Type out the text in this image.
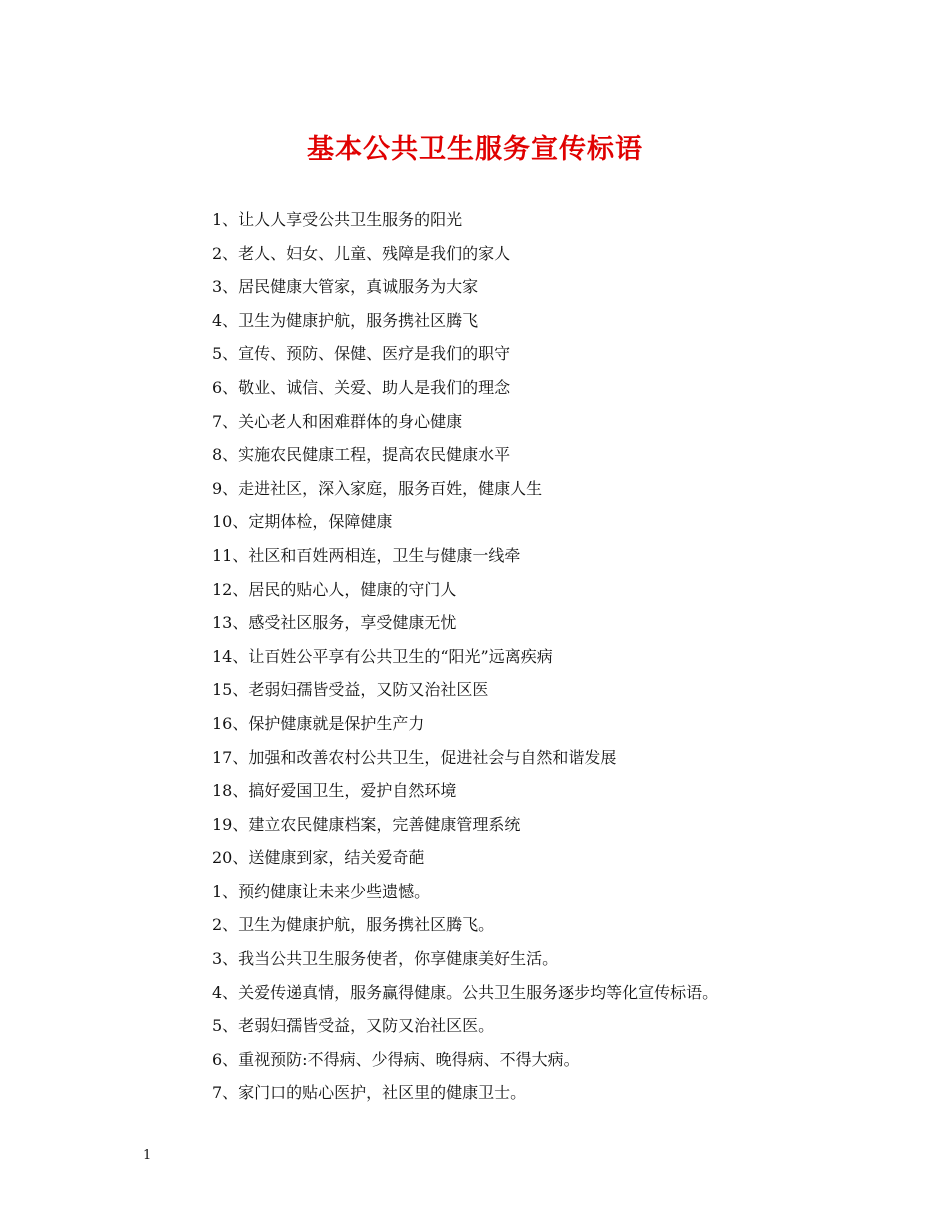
基本公共卫生服务宣传标语
1、让人人享受公共卫生服务的阳光
2、老人、妇女、儿童、残障是我们的家人
3、居民健康大管家，真诚服务为大家
4、卫生为健康护航，服务携社区腾飞
5、宣传、预防、保健、医疗是我们的职守
6、敬业、诚信、关爱、助人是我们的理念
7、关心老人和困难群体的身心健康
8、实施农民健康工程，提高农民健康水平
9、走进社区，深入家庭，服务百姓，健康人生
10、定期体检，保障健康
11、社区和百姓两相连，卫生与健康一线牵
12、居民的贴心人，健康的守门人
13、感受社区服务，享受健康无忧
14、让百姓公平享有公共卫生的“阳光”远离疾病
15、老弱妇孺皆受益，又防又治社区医
16、保护健康就是保护生产力
17、加强和改善农村公共卫生，促进社会与自然和谐发展
18、搞好爱国卫生，爱护自然环境
19、建立农民健康档案，完善健康管理系统
20、送健康到家，结关爱奇葩
1、预约健康让未来少些遗憾。
2、卫生为健康护航，服务携社区腾飞。
3、我当公共卫生服务使者，你享健康美好生活。
4、关爱传递真情，服务赢得健康。公共卫生服务逐步均等化宣传标语。
5、老弱妇孺皆受益，又防又治社区医。
6、重视预防:不得病、少得病、晚得病、不得大病。
7、家门口的贴心医护，社区里的健康卫士。
1
